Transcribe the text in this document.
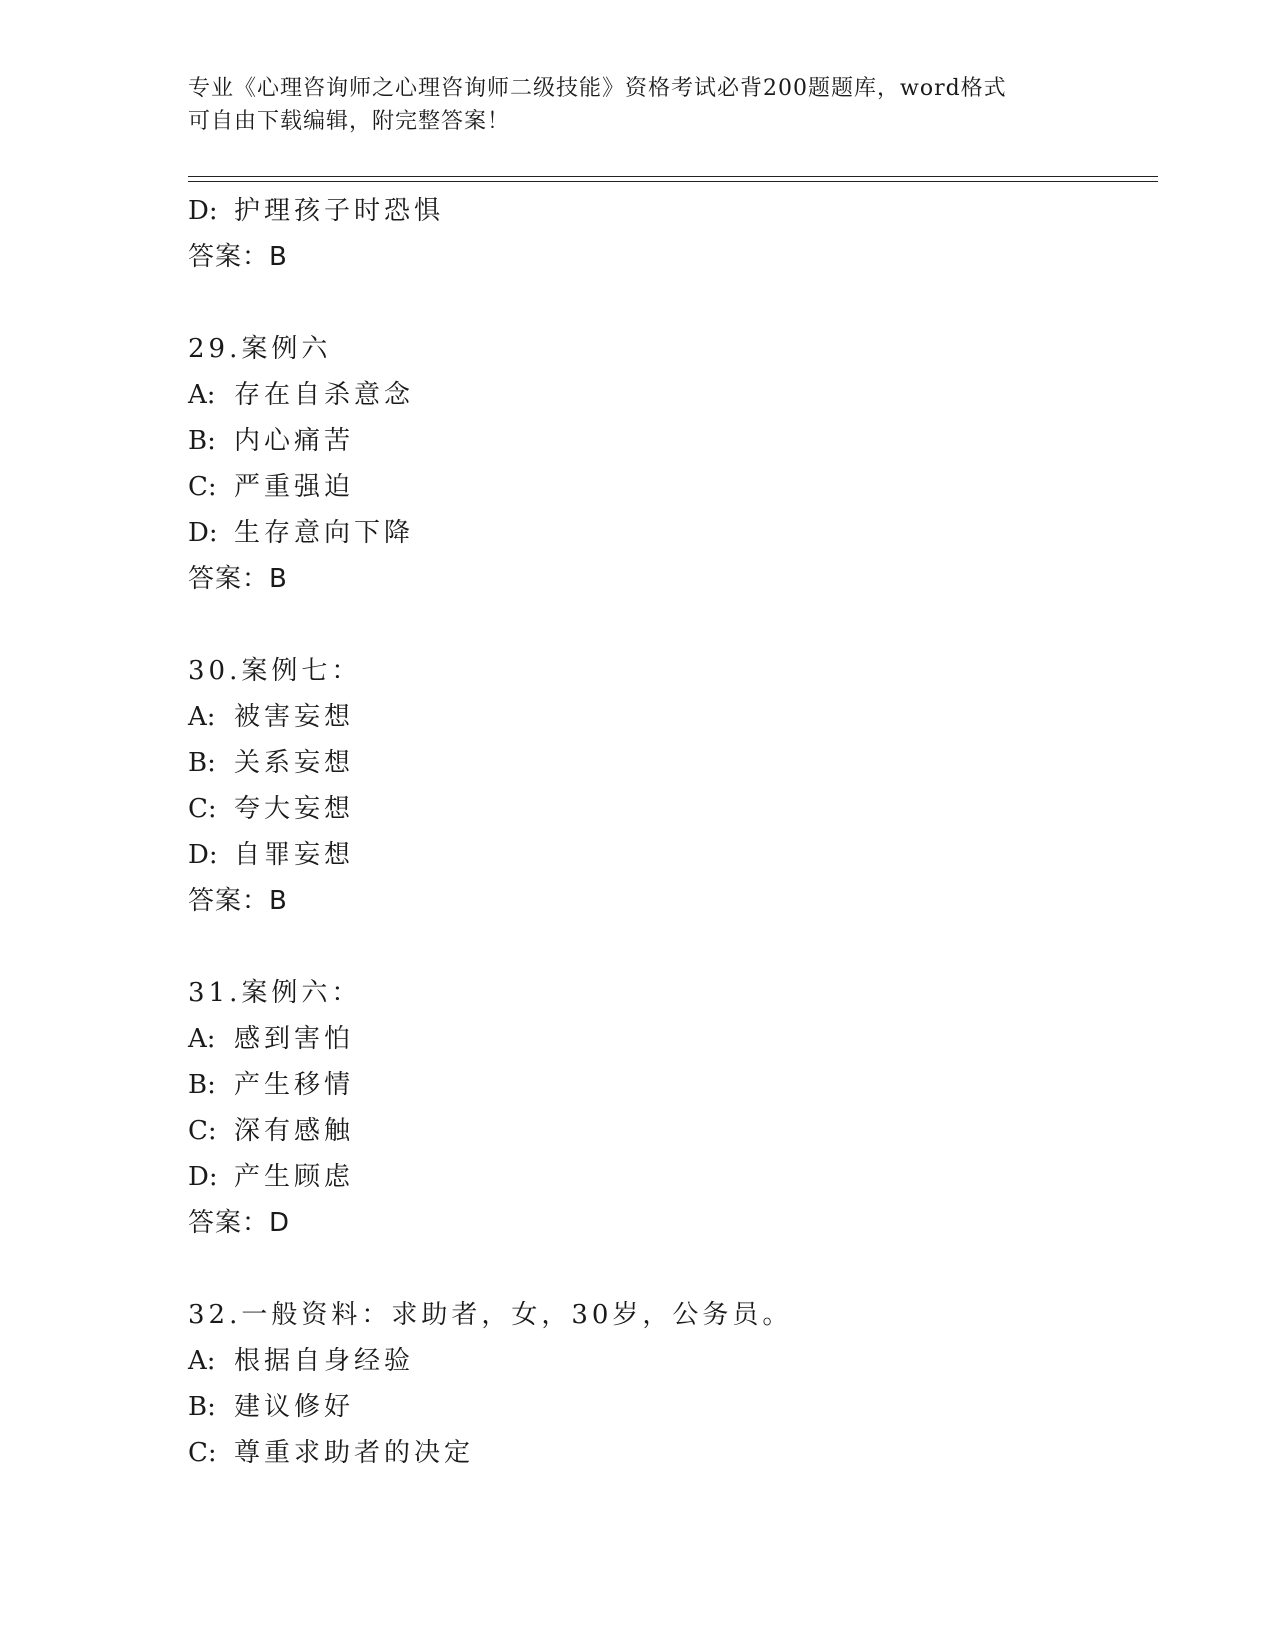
专业《心理咨询师之心理咨询师二级技能》资格考试必背200题题库，word格式
可自由下载编辑，附完整答案！
D: 护理孩子时恐惧
答案：B
29.案例六
A: 存在自杀意念
B: 内心痛苦
C: 严重强迫
D: 生存意向下降
答案：B
30.案例七：
A: 被害妄想
B: 关系妄想
C: 夸大妄想
D: 自罪妄想
答案：B
31.案例六：
A: 感到害怕
B: 产生移情
C: 深有感触
D: 产生顾虑
答案：D
32.一般资料：求助者，女，30岁，公务员。
A: 根据自身经验
B: 建议修好
C: 尊重求助者的决定
